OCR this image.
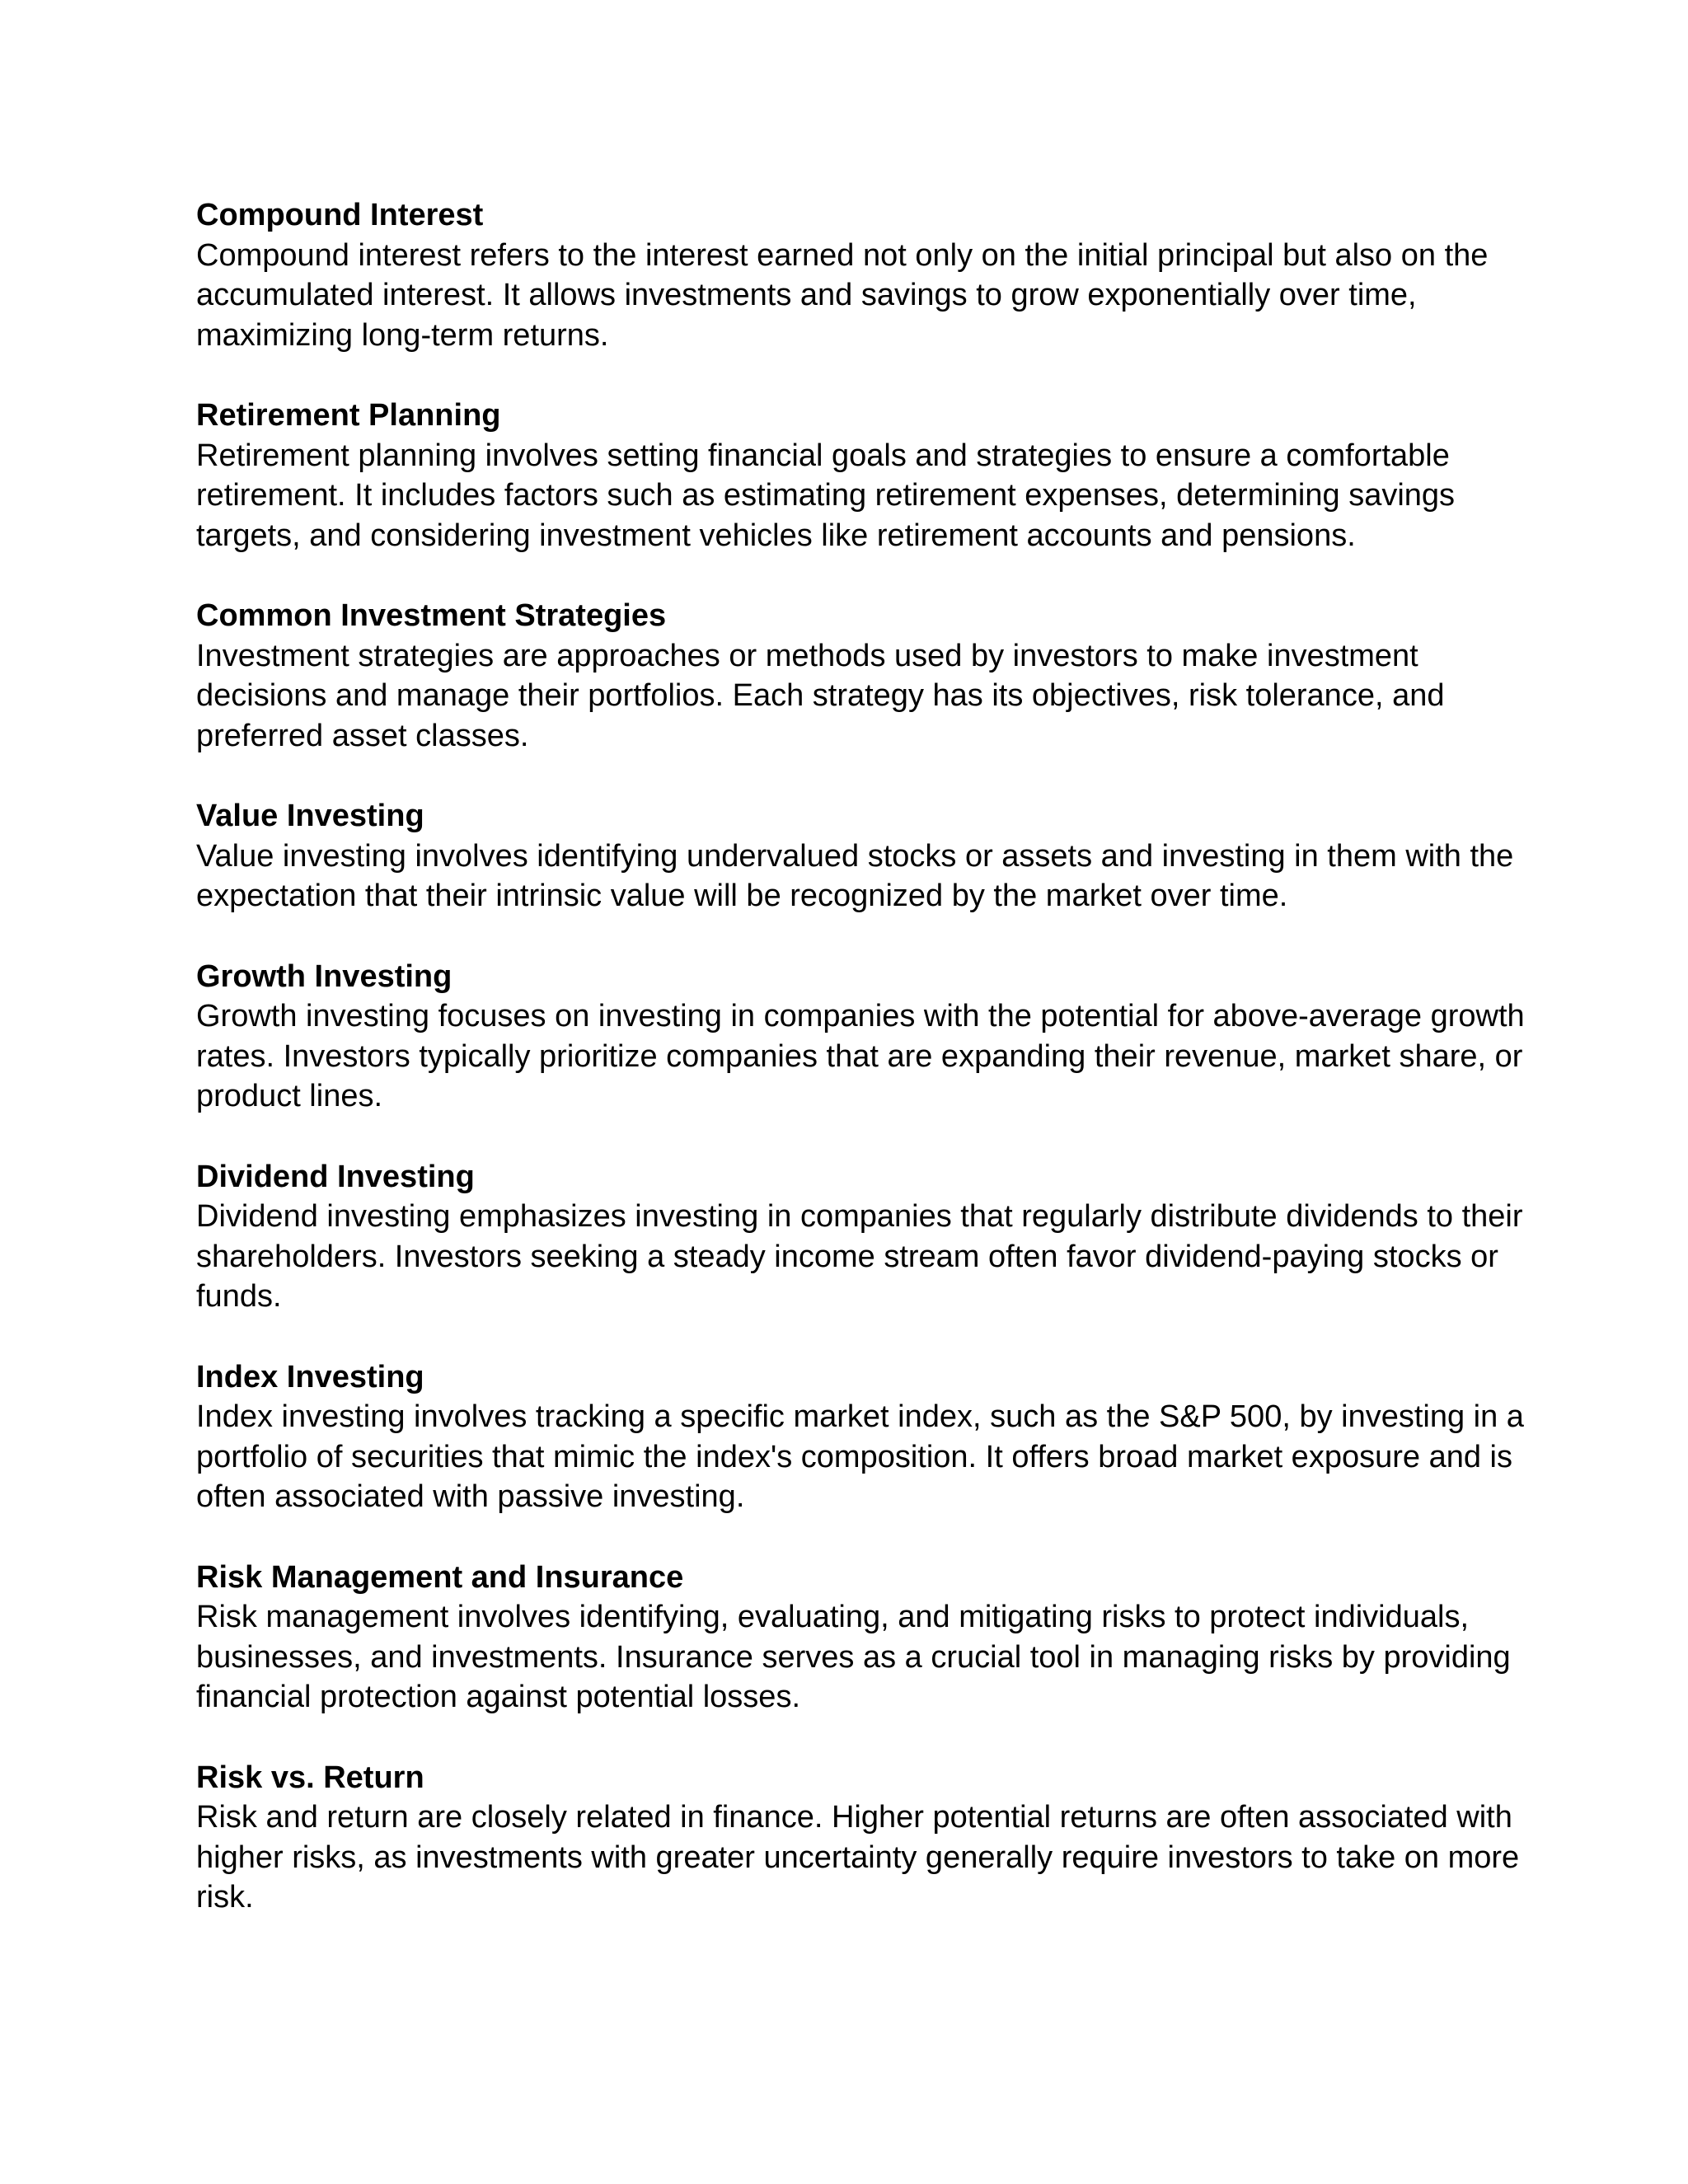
Compound Interest

Compound interest refers to the interest earned not only on the initial principal but also on the accumulated interest. It allows investments and savings to grow exponentially over time, maximizing long-term returns.

Retirement Planning

Retirement planning involves setting financial goals and strategies to ensure a comfortable retirement. It includes factors such as estimating retirement expenses, determining savings targets, and considering investment vehicles like retirement accounts and pensions.

Common Investment Strategies

Investment strategies are approaches or methods used by investors to make investment decisions and manage their portfolios. Each strategy has its objectives, risk tolerance, and preferred asset classes.

Value Investing

Value investing involves identifying undervalued stocks or assets and investing in them with the expectation that their intrinsic value will be recognized by the market over time.

Growth Investing

Growth investing focuses on investing in companies with the potential for above-average growth rates. Investors typically prioritize companies that are expanding their revenue, market share, or product lines.

Dividend Investing

Dividend investing emphasizes investing in companies that regularly distribute dividends to their shareholders. Investors seeking a steady income stream often favor dividend-paying stocks or funds.

Index Investing

Index investing involves tracking a specific market index, such as the S&P 500, by investing in a portfolio of securities that mimic the index's composition. It offers broad market exposure and is often associated with passive investing.

Risk Management and Insurance

Risk management involves identifying, evaluating, and mitigating risks to protect individuals, businesses, and investments. Insurance serves as a crucial tool in managing risks by providing financial protection against potential losses.

Risk vs. Return

Risk and return are closely related in finance. Higher potential returns are often associated with higher risks, as investments with greater uncertainty generally require investors to take on more risk.
